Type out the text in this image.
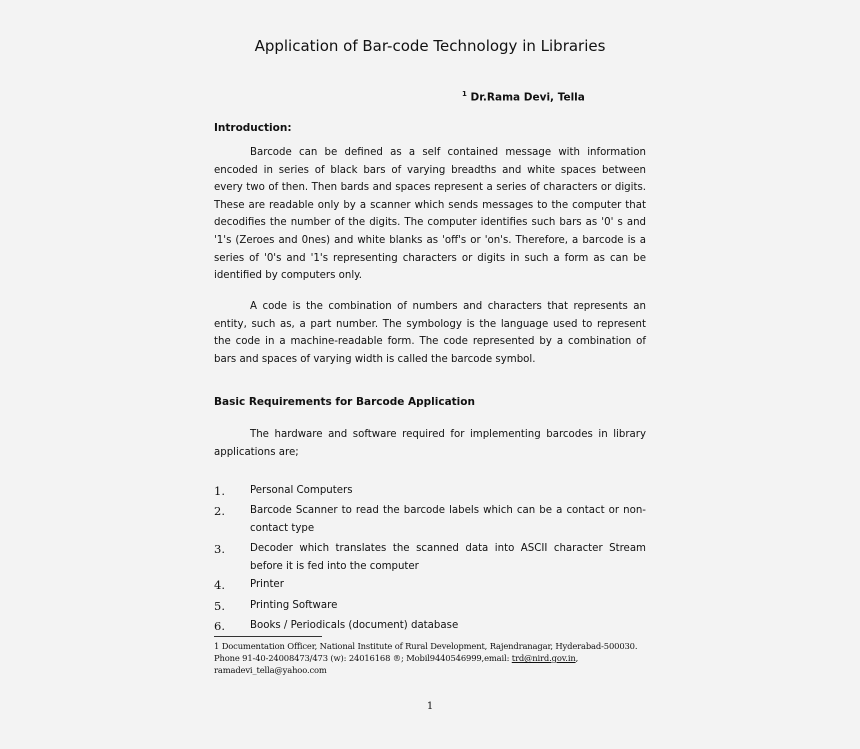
Application of Bar-code Technology in Libraries
$^1$ Dr.Rama Devi, Tella
Introduction:

Barcode can be defined as a self contained message with information encoded in series of black bars of varying breadths and white spaces between every two of then. Then bards and spaces represent a series of characters or digits. These are readable only by a scanner which sends messages to the computer that decodifies the number of the digits. The computer identifies such bars as '0' s and '1's (Zeroes and 0nes) and white blanks as 'off's or 'on's. Therefore, a barcode is a series of '0's and '1's representing characters or digits in such a form as can be identified by computers only.

A code is the combination of numbers and characters that represents an entity, such as, a part number. The symbology is the language used to represent the code in a machine-readable form. The code represented by a combination of bars and spaces of varying width is called the barcode symbol.

Basic Requirements for Barcode Application

The hardware and software required for implementing barcodes in library applications are;

1. Personal Computers
2. Barcode Scanner to read the barcode labels which can be a contact or non-contact type
3. Decoder which translates the scanned data into ASCII character Stream before it is fed into the computer
4. Printer
5. Printing Software
6. Books / Periodicals (document) database
1 Documentation Officer, National Institute of Rural Development, Rajendranagar, Hyderabad-500030.
Phone 91-40-24008473/473 (w): 24016168 ®; Mobil9440546999,email: trd@nird.gov.in,
ramadevi_tella@yahoo.com
1
